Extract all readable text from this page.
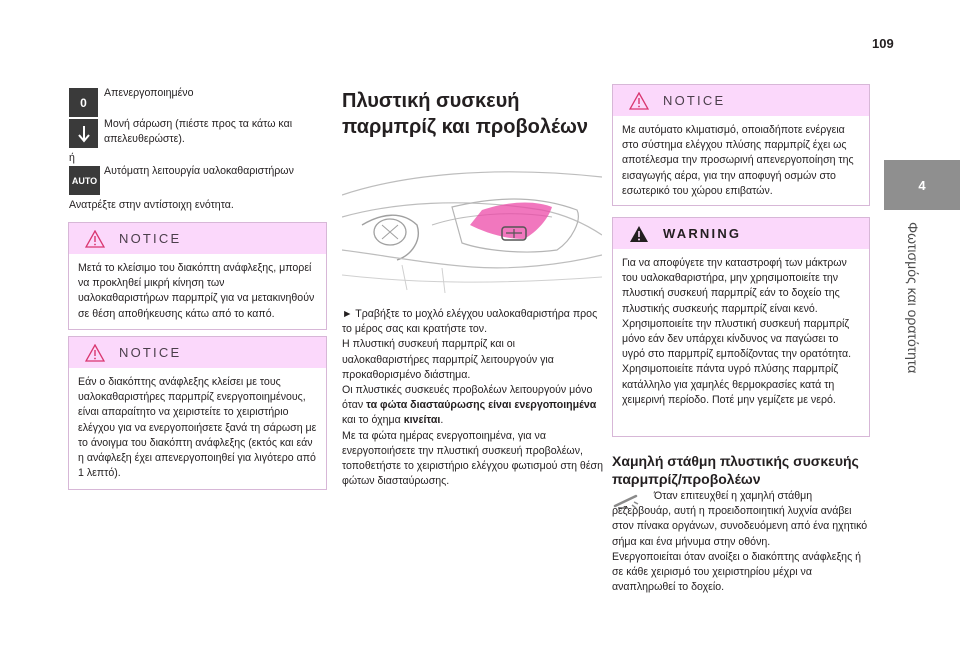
109
4
Φωτισμός και ορατότητα
0
Απενεργοποιημένο
Μονή σάρωση (πιέστε προς τα κάτω και απελευθερώστε).
ή
AUTO
Αυτόματη λειτουργία υαλοκαθαριστήρων
Ανατρέξτε στην αντίστοιχη ενότητα.
NOTICE
Μετά το κλείσιμο του διακόπτη ανάφλεξης, μπορεί να προκληθεί μικρή κίνηση των υαλοκαθαριστήρων παρμπρίζ για να μετακινηθούν σε θέση αποθήκευσης κάτω από το καπό.
NOTICE
Εάν ο διακόπτης ανάφλεξης κλείσει με τους υαλοκαθαριστήρες παρμπρίζ ενεργοποιημένους, είναι απαραίτητο να χειριστείτε το χειριστήριο ελέγχου για να ενεργοποιήσετε ξανά τη σάρωση με το άνοιγμα του διακόπτη ανάφλεξης (εκτός και εάν η ανάφλεξη έχει απενεργοποιηθεί για λιγότερο από 1 λεπτό).
Πλυστική συσκευή παρμπρίζ και προβολέων

► Τραβήξτε το μοχλό ελέγχου υαλοκαθαριστήρα προς το μέρος σας και κρατήστε τον.

Η πλυστική συσκευή παρμπρίζ και οι υαλοκαθαριστήρες παρμπρίζ λειτουργούν για προκαθορισμένο διάστημα.

Οι πλυστικές συσκευές προβολέων λειτουργούν μόνο όταν τα φώτα διασταύρωσης είναι ενεργοποιημένα και το όχημα κινείται.

Με τα φώτα ημέρας ενεργοποιημένα, για να ενεργοποιήσετε την πλυστική συσκευή προβολέων, τοποθετήστε το χειριστήριο ελέγχου φωτισμού στη θέση φώτων διασταύρωσης.

NOTICE
Με αυτόματο κλιματισμό, οποιαδήποτε ενέργεια στο σύστημα ελέγχου πλύσης παρμπρίζ έχει ως αποτέλεσμα την προσωρινή απενεργοποίηση της εισαγωγής αέρα, για την αποφυγή οσμών στο εσωτερικό του χώρου επιβατών.
WARNING
Για να αποφύγετε την καταστροφή των μάκτρων του υαλοκαθαριστήρα, μην χρησιμοποιείτε την πλυστική συσκευή παρμπρίζ εάν το δοχείο της πλυστικής συσκευής παρμπρίζ είναι κενό. Χρησιμοποιείτε την πλυστική συσκευή παρμπρίζ μόνο εάν δεν υπάρχει κίνδυνος να παγώσει το υγρό στο παρμπρίζ εμποδίζοντας την ορατότητα. Χρησιμοποιείτε πάντα υγρό πλύσης παρμπρίζ κατάλληλο για χαμηλές θερμοκρασίες κατά τη χειμερινή περίοδο. Ποτέ μην γεμίζετε με νερό.
Χαμηλή στάθμη πλυστικής συσκευής παρμπρίζ/προβολέων
Όταν επιτευχθεί η χαμηλή στάθμη ρεζερβουάρ, αυτή η προειδοποιητική λυχνία ανάβει στον πίνακα οργάνων, συνοδευόμενη από ένα ηχητικό σήμα και ένα μήνυμα στην οθόνη.
Ενεργοποιείται όταν ανοίξει ο διακόπτης ανάφλεξης ή σε κάθε χειρισμό του χειριστηρίου μέχρι να αναπληρωθεί το δοχείο.
